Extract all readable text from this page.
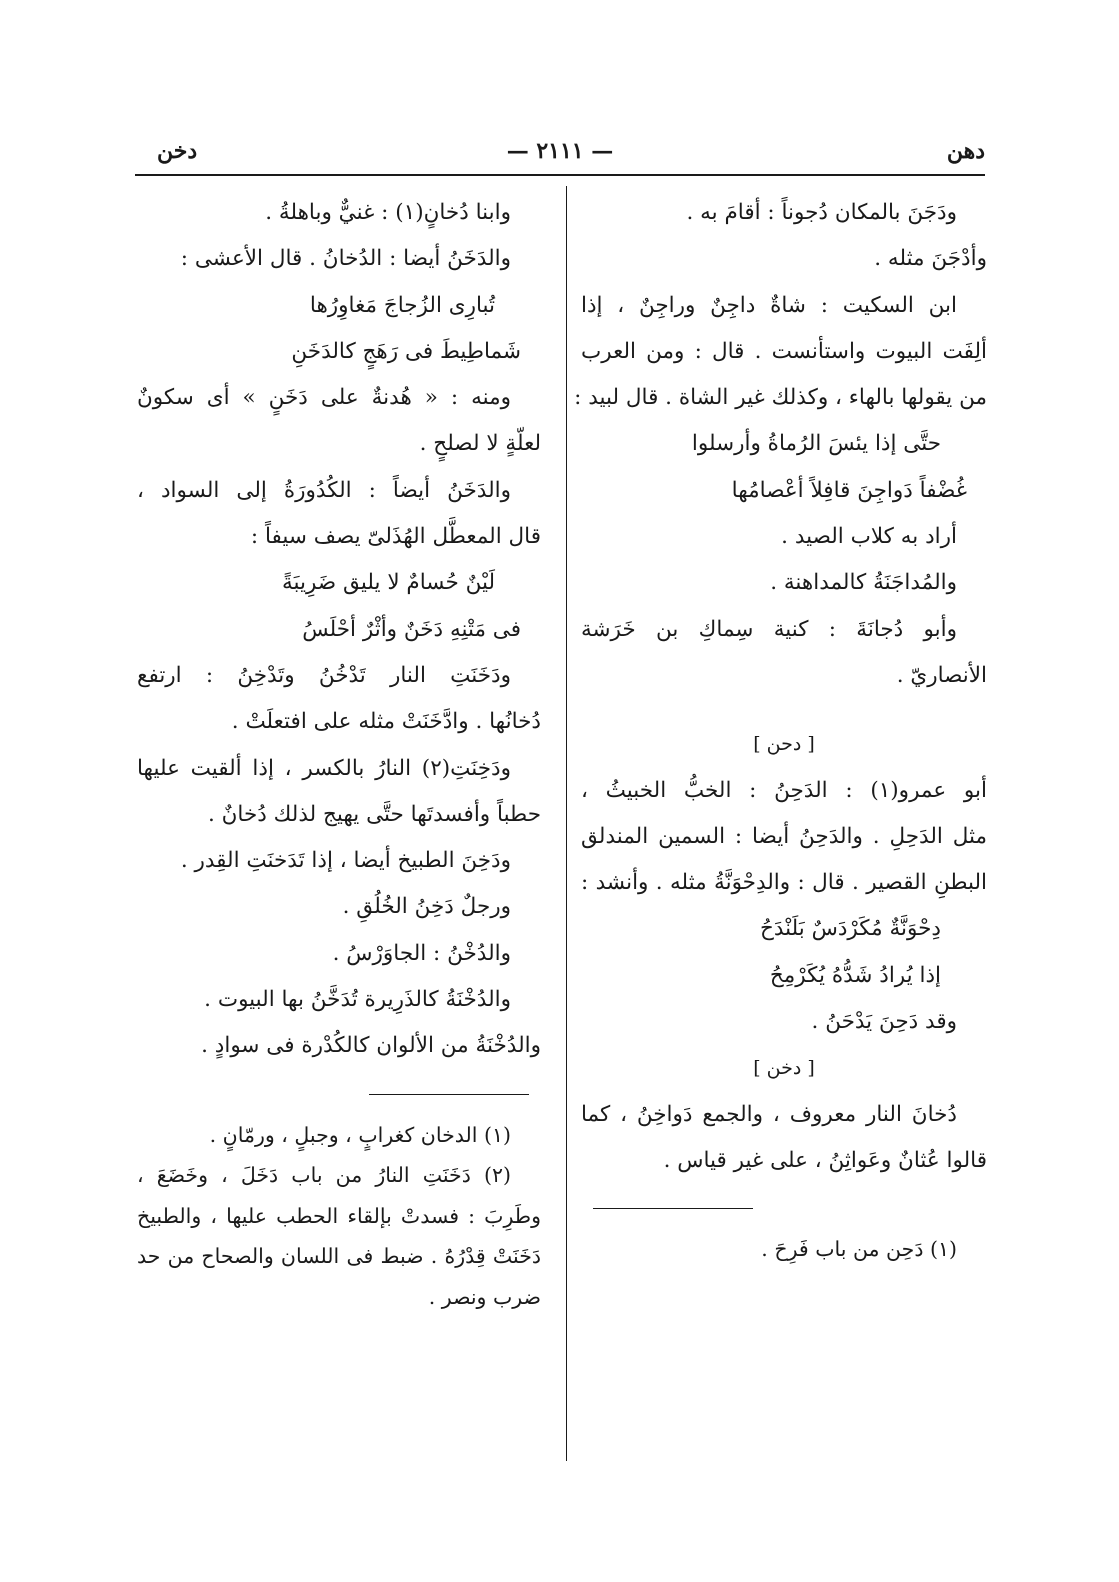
دهن
— ٢١١١ —
دخن
ودَجَنَ بالمكان دُجوناً : أقامَ به .
وأدْجَنَ مثله .
ابن السكيت : شاةٌ داجِنٌ وراجِنٌ ، إذا
ألِفَت البيوت واستأنست . قال : ومن العرب
من يقولها بالهاء ، وكذلك غير الشاة . قال لبيد :
حتَّى إذا يئسَ الرُماةُ وأرسلوا
غُضْفاً دَواجِنَ قافِلاً أعْصامُها
أراد به كلاب الصيد .
والمُداجَنَةُ كالمداهنة .
وأبو دُجانَةَ : كنية سِماكِ بن خَرَشة
الأنصاريّ .
[ دحن ]
أبو عمرو(١) : الدَحِنُ : الخبُّ الخبيثُ ،
مثل الدَحِلِ . والدَحِنُ أيضا : السمين المندلق
البطنِ القصير . قال : والدِحْوَنَّةُ مثله . وأنشد :
دِحْوَنَّةٌ مُكَرْدَسٌ بَلَنْدَحُ
إذا يُرادُ شَدُّهُ يُكَرْمِحُ
وقد دَحِنَ يَدْحَنُ .
[ دخن ]
دُخانَ النار معروف ، والجمع دَواخِنُ ، كما
قالوا عُثانٌ وعَواثِنُ ، على غير قياس .
(١) دَحِن من باب فَرِحَ .
وابنا دُخانٍ(١) : غنيٌّ وباهلةُ .
والدَخَنُ أيضا : الدُخانُ . قال الأعشى :
تُبارِى الزُجاجَ مَغاوِرُها
شَماطِيطَ فى رَهَجٍ كالدَخَنِ
ومنه : « هُدنةٌ على دَخَنٍ » أى سكونٌ
لعلّةٍ لا لصلحٍ .
والدَخَنُ أيضاً : الكُدُورَةُ إلى السواد ،
قال المعطَّل الهُذَلىّ يصف سيفاً :
لَيْنٌ حُسامٌ لا يليق ضَرِيبَةً
فى مَتْنِهِ دَخَنٌ وأثْرٌ أحْلَسُ
ودَخَنَتِ النار تَدْخُنُ وتَدْخِنُ : ارتفع
دُخانُها . وادَّخَنَتْ مثله على افتعلَتْ .
ودَخِنَتِ(٢) النارُ بالكسر ، إذا ألقيت عليها
حطباً وأفسدتَها حتَّى يهيج لذلك دُخانٌ .
ودَخِنَ الطبيخ أيضا ، إذا تَدَخنَتِ القِدر .
ورجلٌ دَخِنُ الخُلُقِ .
والدُخْنُ : الجاوَرْسُ .
والدُخْنَةُ كالذَرِيرة تُدَخَّنُ بها البيوت .
والدُخْنَةُ من الألوان كالكُدْرة فى سوادٍ .
(١) الدخان كغرابٍ ، وجبلٍ ، ورمّانٍ .
(٢) دَخَنَتِ النارُ من باب دَخَلَ ، وخَضَعَ ،
وطَرِبَ : فسدتْ بإلقاء الحطب عليها ، والطبيخ
دَخَنَتْ قِدْرُهُ . ضبط فى اللسان والصحاح من حد
ضرب ونصر .
